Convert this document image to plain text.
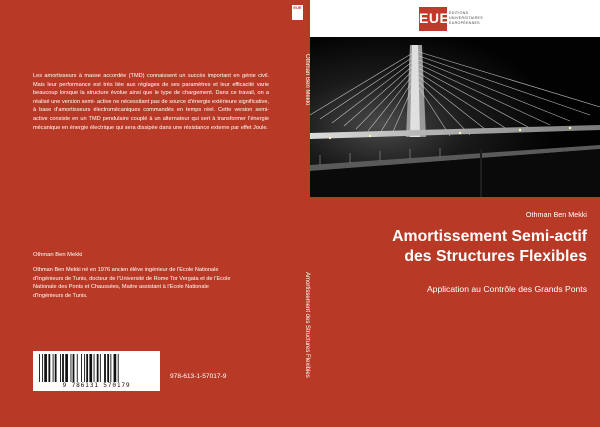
Les amortisseurs à masse accordée (TMD) connaissent un succès important en génie civil. Mais leur performance est très liée aux réglages de ses paramètres et leur efficacité varie beaucoup lorsque la structure évolue ainsi que le type de chargement. Dans ce travail, on a réalisé une version semi- active ne nécessitant pas de source d'énergie extérieure significative, à base d'amortisseurs électromécaniques commandés en temps réel. Cette version semi-active consiste en un TMD pendulaire couplé à un alternateur qui sert à transformer l'énergie mécanique en énergie électrique qui sera dissipée dans une résistance externe par effet Joule.

Othman Ben Mekki

Othman Ben Mekki né en 1976 ancien élève ingénieur de l'Ecole Nationale d'Ingénieurs de Tunis, docteur de l'Université de Rome Tor Vergata et de l'Ecole Nationale des Ponts et Chaussées, Maitre assistant à l'Ecole Nationale d'Ingénieurs de Tunis.

9 786131 570179
978-613-1-57017-9
EUE
Othman Ben Mekki
Amortissement des Structures Flexibles
EUE ÉDITIONS
UNIVERSITAIRES
EUROPÉENNES

Othman Ben Mekki
Amortissement Semi-actif
des Structures Flexibles
Application au Contrôle des Grands Ponts
